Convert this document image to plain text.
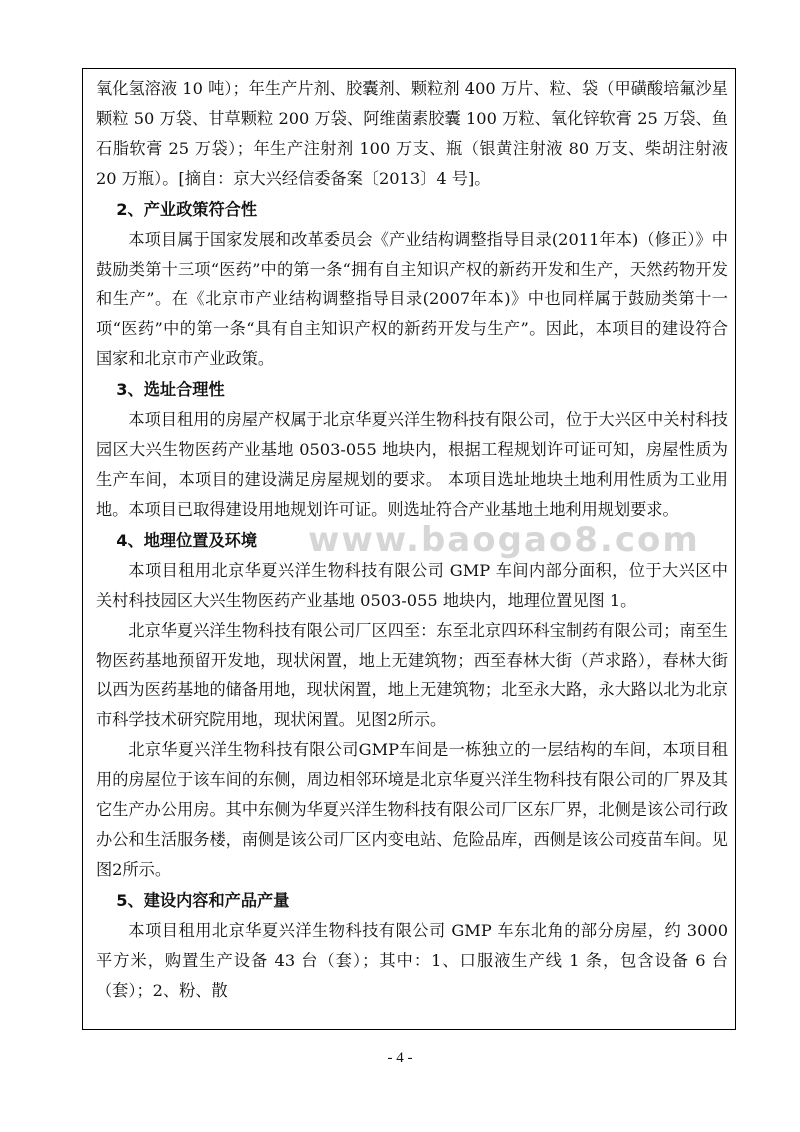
www.baogao8.com

氧化氢溶液 10 吨）；年生产片剂、胶囊剂、颗粒剂 400 万片、粒、袋（甲磺酸培氟沙星颗粒 50 万袋、甘草颗粒 200 万袋、阿维菌素胶囊 100 万粒、氧化锌软膏 25 万袋、鱼石脂软膏 25 万袋）；年生产注射剂 100 万支、瓶（银黄注射液 80 万支、柴胡注射液 20 万瓶）。[摘自：京大兴经信委备案〔2013〕4 号]。

2、产业政策符合性

本项目属于国家发展和改革委员会《产业结构调整指导目录(2011年本)（修正）》中鼓励类第十三项“医药”中的第一条“拥有自主知识产权的新药开发和生产，天然药物开发和生产”。在《北京市产业结构调整指导目录(2007年本)》中也同样属于鼓励类第十一项“医药”中的第一条“具有自主知识产权的新药开发与生产”。因此，本项目的建设符合国家和北京市产业政策。

3、选址合理性

本项目租用的房屋产权属于北京华夏兴洋生物科技有限公司，位于大兴区中关村科技园区大兴生物医药产业基地 0503-055 地块内，根据工程规划许可证可知，房屋性质为生产车间，本项目的建设满足房屋规划的要求。 本项目选址地块土地利用性质为工业用地。本项目已取得建设用地规划许可证。则选址符合产业基地土地利用规划要求。

4、地理位置及环境

本项目租用北京华夏兴洋生物科技有限公司 GMP 车间内部分面积，位于大兴区中关村科技园区大兴生物医药产业基地 0503-055 地块内，地理位置见图 1。

北京华夏兴洋生物科技有限公司厂区四至：东至北京四环科宝制药有限公司；南至生物医药基地预留开发地，现状闲置，地上无建筑物；西至春林大街（芦求路），春林大街以西为医药基地的储备用地，现状闲置，地上无建筑物；北至永大路，永大路以北为北京市科学技术研究院用地，现状闲置。见图2所示。

北京华夏兴洋生物科技有限公司GMP车间是一栋独立的一层结构的车间，本项目租用的房屋位于该车间的东侧，周边相邻环境是北京华夏兴洋生物科技有限公司的厂界及其它生产办公用房。其中东侧为华夏兴洋生物科技有限公司厂区东厂界，北侧是该公司行政办公和生活服务楼，南侧是该公司厂区内变电站、危险品库，西侧是该公司疫苗车间。见图2所示。

5、建设内容和产品产量

本项目租用北京华夏兴洋生物科技有限公司 GMP 车东北角的部分房屋，约 3000 平方米，购置生产设备 43 台（套）；其中：1、口服液生产线 1 条，包含设备 6 台（套）；2、粉、散

- 4 -
